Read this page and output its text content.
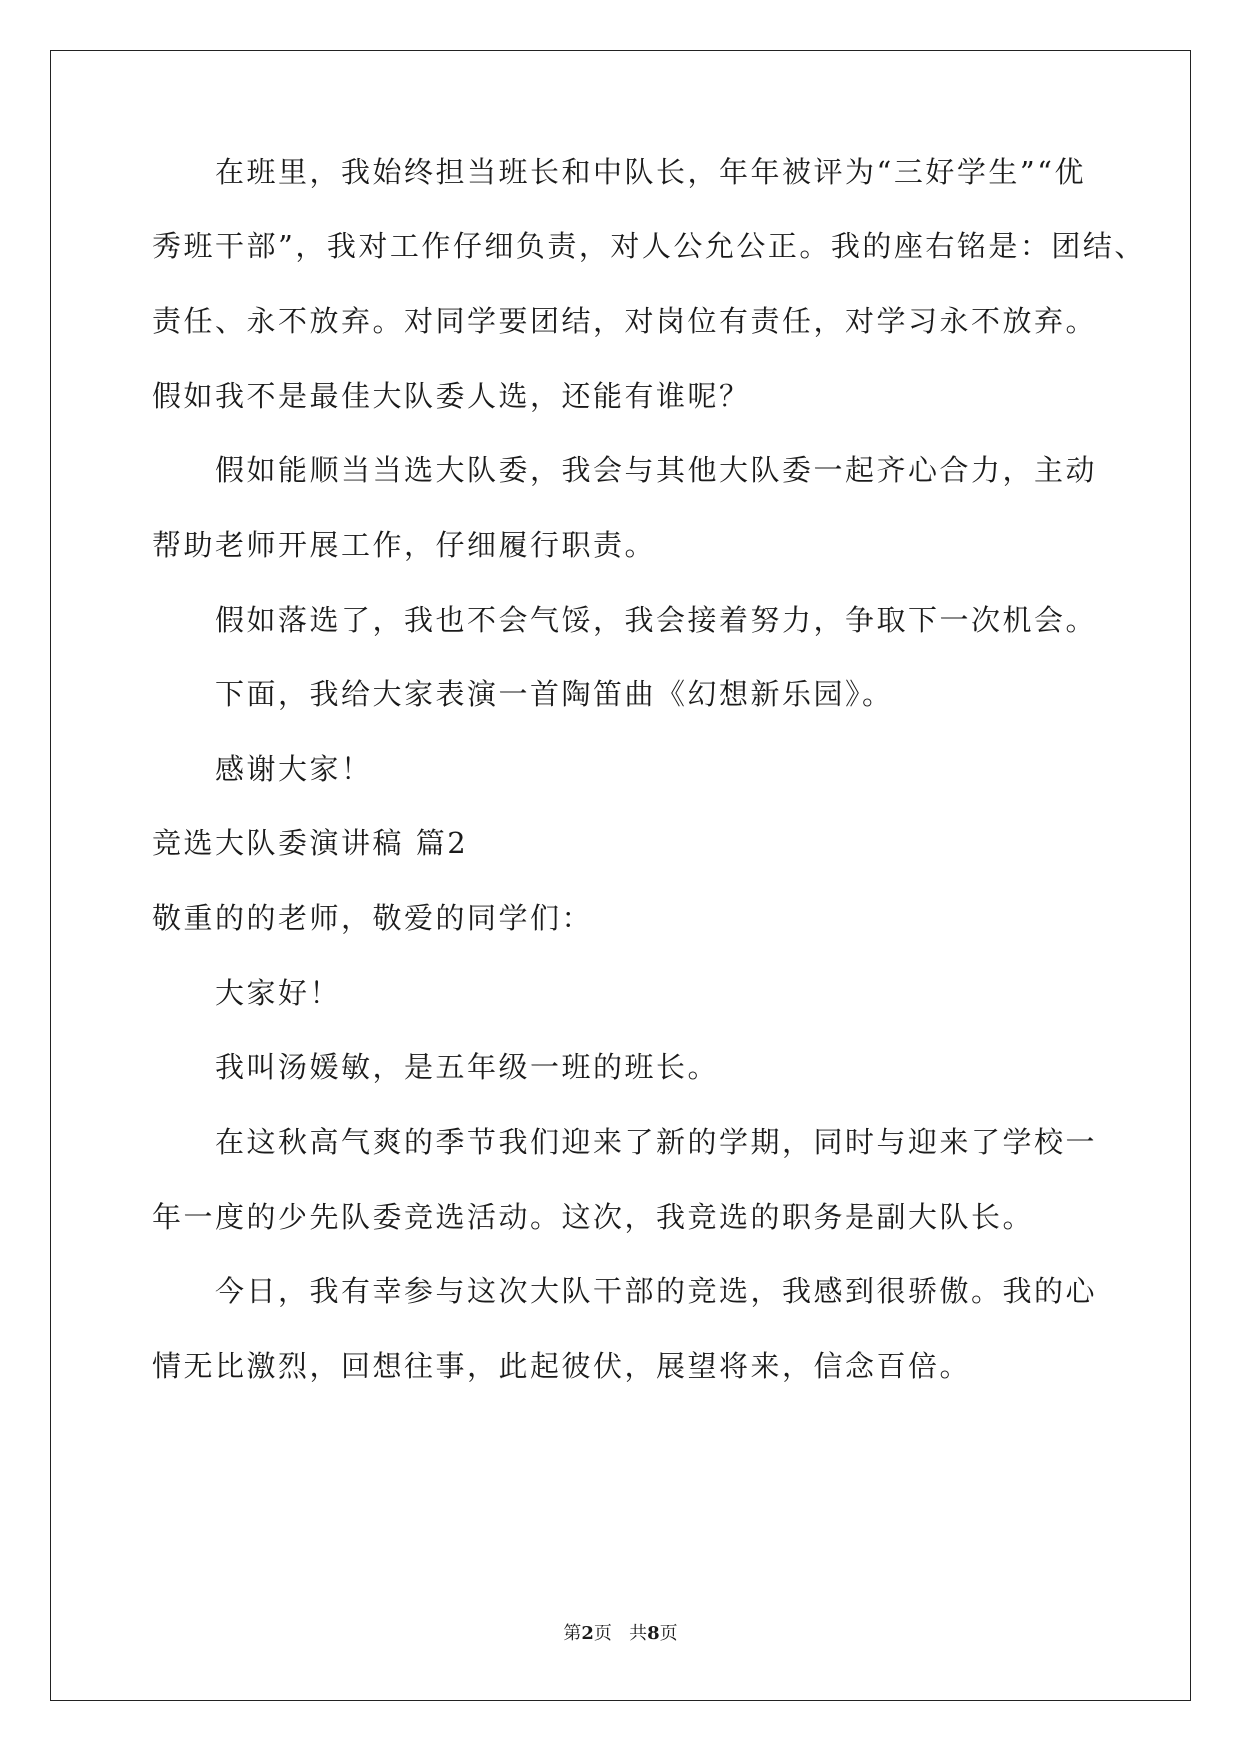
在班里，我始终担当班长和中队长，年年被评为“三好学生”“优
秀班干部”，我对工作仔细负责，对人公允公正。我的座右铭是：团结、
责任、永不放弃。对同学要团结，对岗位有责任，对学习永不放弃。
假如我不是最佳大队委人选，还能有谁呢？
假如能顺当当选大队委，我会与其他大队委一起齐心合力，主动
帮助老师开展工作，仔细履行职责。
假如落选了，我也不会气馁，我会接着努力，争取下一次机会。
下面，我给大家表演一首陶笛曲《幻想新乐园》。
感谢大家！
竞选大队委演讲稿 篇2
敬重的的老师，敬爱的同学们：
大家好！
我叫汤媛敏，是五年级一班的班长。
在这秋高气爽的季节我们迎来了新的学期，同时与迎来了学校一
年一度的少先队委竞选活动。这次，我竞选的职务是副大队长。
今日，我有幸参与这次大队干部的竞选，我感到很骄傲。我的心
情无比激烈，回想往事，此起彼伏，展望将来，信念百倍。
第2页 共8页
